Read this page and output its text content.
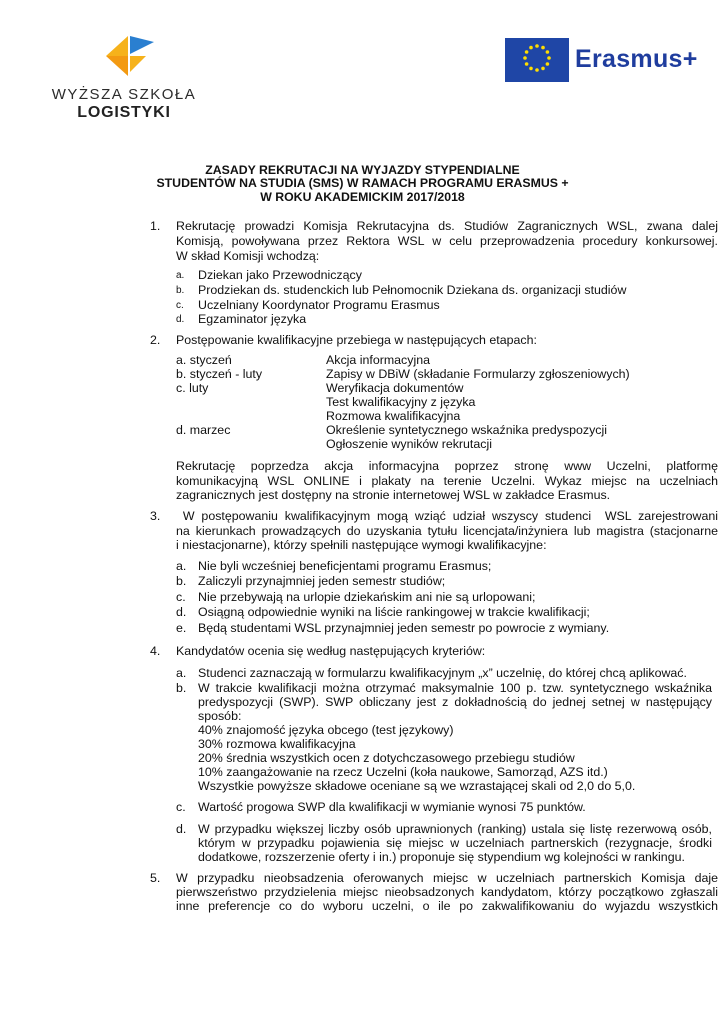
WYŻSZA SZKOŁA
LOGISTYKI
Erasmus+
ZASADY REKRUTACJI NA WYJAZDY STYPENDIALNE
STUDENTÓW NA STUDIA (SMS) W RAMACH PROGRAMU ERASMUS +
W ROKU AKADEMICKIM 2017/2018
1.	Rekrutację prowadzi Komisja Rekrutacyjna ds. Studiów Zagranicznych WSL, zwana dalej
Komisją, powoływana przez Rektora WSL w celu przeprowadzenia procedury konkursowej.
W skład Komisji wchodzą:
a. Dziekan jako Przewodniczący
b. Prodziekan ds. studenckich lub Pełnomocnik Dziekana ds. organizacji studiów
c. Uczelniany Koordynator Programu Erasmus
d. Egzaminator języka
2.	Postępowanie kwalifikacyjne przebiega w następujących etapach:
a. styczeń	Akcja informacyjna
b. styczeń - luty	Zapisy w DBiW (składanie Formularzy zgłoszeniowych)
c. luty	Weryfikacja dokumentów
Test kwalifikacyjny z języka
Rozmowa kwalifikacyjna
d. marzec	Określenie syntetycznego wskaźnika predyspozycji
Ogłoszenie wyników rekrutacji
Rekrutację poprzedza akcja informacyjna poprzez stronę www Uczelni, platformę
komunikacyjną WSL ONLINE i plakaty na terenie Uczelni. Wykaz miejsc na uczelniach
zagranicznych jest dostępny na stronie internetowej WSL w zakładce Erasmus.
3.	W postępowaniu kwalifikacyjnym mogą wziąć udział wszyscy studenci  WSL zarejestrowani
na kierunkach prowadzących do uzyskania tytułu licencjata/inżyniera lub magistra (stacjonarne
i niestacjonarne), którzy spełnili następujące wymogi kwalifikacyjne:
a. Nie byli wcześniej beneficjentami programu Erasmus;
b. Zaliczyli przynajmniej jeden semestr studiów;
c. Nie przebywają na urlopie dziekańskim ani nie są urlopowani;
d. Osiągną odpowiednie wyniki na liście rankingowej w trakcie kwalifikacji;
e. Będą studentami WSL przynajmniej jeden semestr po powrocie z wymiany.
4.	Kandydatów ocenia się według następujących kryteriów:
a. Studenci zaznaczają w formularzu kwalifikacyjnym „x” uczelnię, do której chcą aplikować.
b. W trakcie kwalifikacji można otrzymać maksymalnie 100 p. tzw. syntetycznego wskaźnika
predyspozycji (SWP). SWP obliczany jest z dokładnością do jednej setnej w następujący
sposób:
40% znajomość języka obcego (test językowy)
30% rozmowa kwalifikacyjna
20% średnia wszystkich ocen z dotychczasowego przebiegu studiów
10% zaangażowanie na rzecz Uczelni (koła naukowe, Samorząd, AZS itd.)
Wszystkie powyższe składowe oceniane są we wzrastającej skali od 2,0 do 5,0.
c. Wartość progowa SWP dla kwalifikacji w wymianie wynosi 75 punktów.
d. W przypadku większej liczby osób uprawnionych (ranking) ustala się listę rezerwową osób,
którym w przypadku pojawienia się miejsc w uczelniach partnerskich (rezygnacje, środki
dodatkowe, rozszerzenie oferty i in.) proponuje się stypendium wg kolejności w rankingu.
5.	W przypadku nieobsadzenia oferowanych miejsc w uczelniach partnerskich Komisja daje
pierwszeństwo przydzielenia miejsc nieobsadzonych kandydatom, którzy początkowo zgłaszali
inne preferencje co do wyboru uczelni, o ile po zakwalifikowaniu do wyjazdu wszystkich
